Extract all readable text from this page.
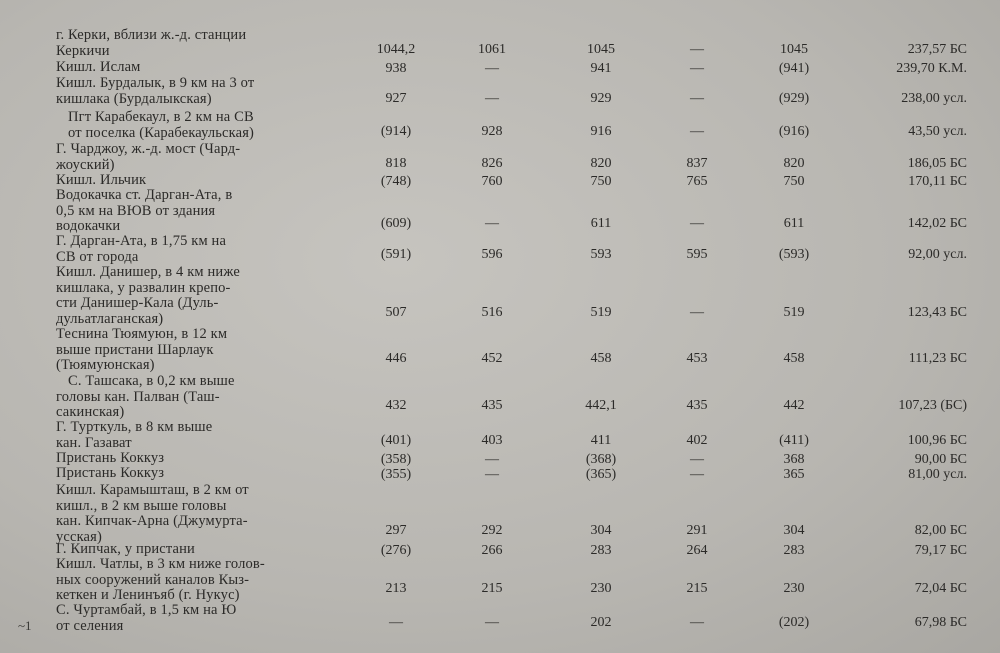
г. Керки, вблизи ж.-д. станции
Керкичи	1044,2	1061	1045	—	1045	237,57 БС
Кишл. Ислам	938	—	941	—	(941)	239,70 К.М.
Кишл. Бурдалык, в 9 км на 3 от
кишлака (Бурдалыкская)	927	—	929	—	(929)	238,00 усл.
Пгт Карабекаул, в 2 км на СВ
от поселка (Карабекаульская)	(914)	928	916	—	(916)	43,50 усл.
Г. Чарджоу, ж.-д. мост (Чард-
жоуский)	818	826	820	837	820	186,05 БС
Кишл. Ильчик	(748)	760	750	765	750	170,11 БС
Водокачка ст. Дарган-Ата, в
0,5 км на ВЮВ от здания
водокачки	(609)	—	611	—	611	142,02 БС
Г. Дарган-Ата, в 1,75 км на
СВ от города	(591)	596	593	595	(593)	92,00 усл.
Кишл. Данишер, в 4 км ниже
кишлака, у развалин крепо-
сти Данишер-Кала (Дуль-
дульатлаганская)	507	516	519	—	519	123,43 БС
Теснина Тюямуюн, в 12 км
выше пристани Шарлаук
(Тюямуюнская)	446	452	458	453	458	111,23 БС
С. Ташсака, в 0,2 км выше
головы кан. Палван (Таш-
сакинская)	432	435	442,1	435	442	107,23 (БС)
Г. Турткуль, в 8 км выше
кан. Газават	(401)	403	411	402	(411)	100,96 БС
Пристань Коккуз	(358)	—	(368)	—	368	90,00 БС
Пристань Коккуз	(355)	—	(365)	—	365	81,00 усл.
Кишл. Карамышташ, в 2 км от
кишл., в 2 км выше головы
кан. Кипчак-Арна (Джумурта-
усская)	297	292	304	291	304	82,00 БС
Г. Кипчак, у пристани	(276)	266	283	264	283	79,17 БС
Кишл. Чатлы, в 3 км ниже голов-
ных сооружений каналов Кыз-
кеткен и Ленинъяб (г. Нукус)	213	215	230	215	230	72,04 БС
С. Чуртамбай, в 1,5 км на Ю
от селения	—	—	202	—	(202)	67,98 БС
~1
